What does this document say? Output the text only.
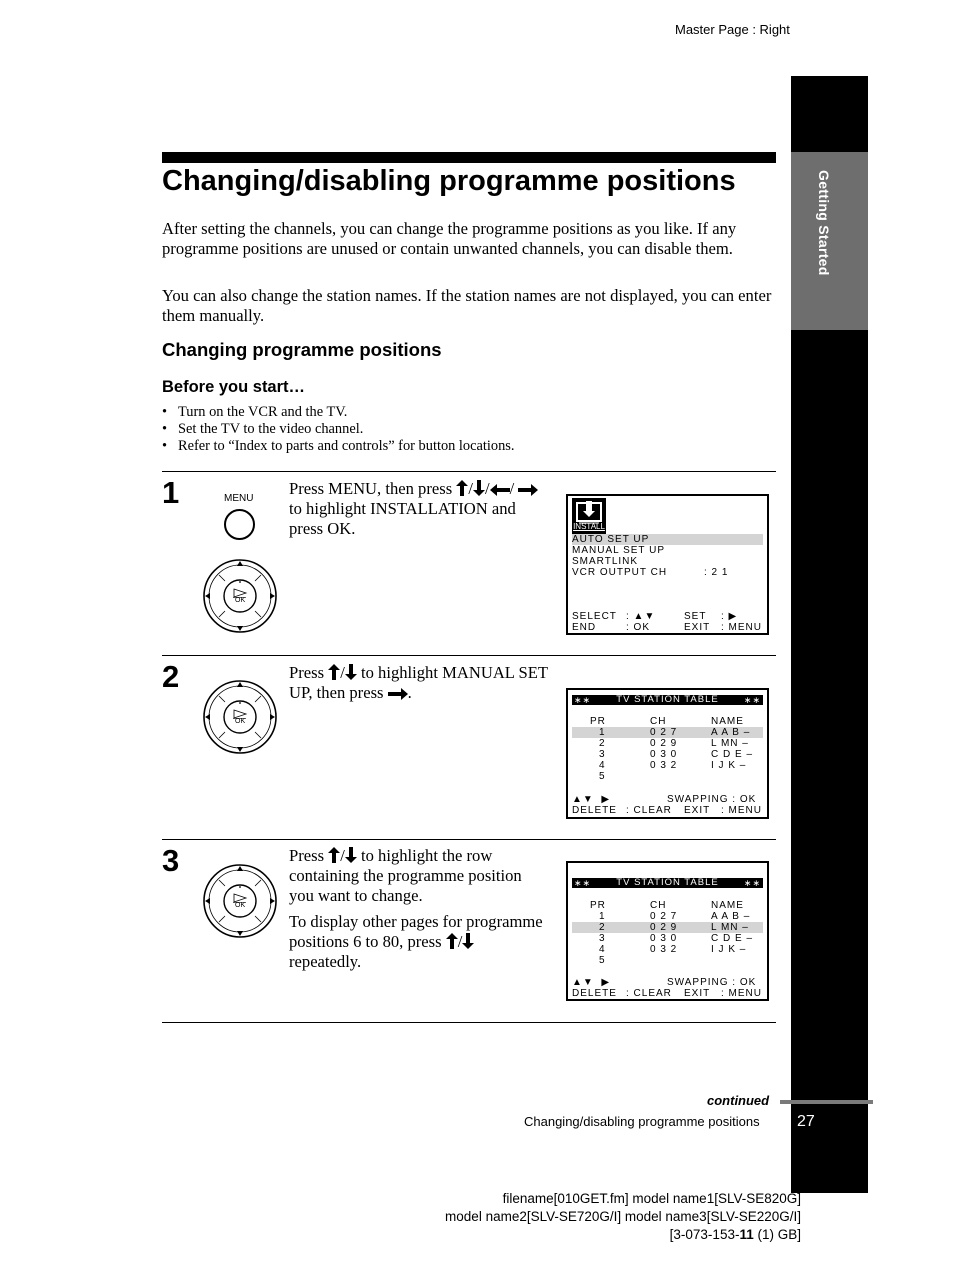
Master Page : Right
Getting Started
Changing/disabling programme positions
After setting the channels, you can change the programme positions as you like. If any programme positions are unused or contain unwanted channels, you can disable them.
You can also change the station names. If the station names are not displayed, you can enter them manually.
Changing programme positions
Before you start…
• Turn on the VCR and the TV.
• Set the TV to the video channel.
• Refer to “Index to parts and controls” for button locations.
1	MENU
OK

Press MENU, then press / / /  to highlight INSTALLATION and press OK.	INSTALL
AUTO SET UP
MANUAL SET UP
SMARTLINK
VCR OUTPUT CH	: 2 1
SELECT : ▲▼	SET : ▶
END	: OK	EXIT : MENU
2
OK

Press / to highlight MANUAL SET UP, then press .	∗∗	TV STATION TABLE	∗∗
PR	CH	NAME
1	0 2 7	A A B –
2	0 2 9	L MN –
3	0 3 0	C D E –
4	0 3 2	I J K –
5
▲▼  ▶	SWAPPING : OK
DELETE : CLEAR EXIT : MENU
3
OK

Press / to highlight the row containing the programme position you want to change.

To display other pages for programme positions 6 to 80, press / repeatedly.

∗∗	TV STATION TABLE	∗∗
PR	CH	NAME
1	0 2 7	A A B –
2	0 2 9	L MN –
3	0 3 0	C D E –
4	0 3 2	I J K –
5
▲▼  ▶	SWAPPING : OK
DELETE : CLEAR EXIT : MENU
continued
Changing/disabling programme positions 27
filename[010GET.fm] model name1[SLV-SE820G]
model name2[SLV-SE720G/I] model name3[SLV-SE220G/I]
[3-073-153-11 (1) GB]
